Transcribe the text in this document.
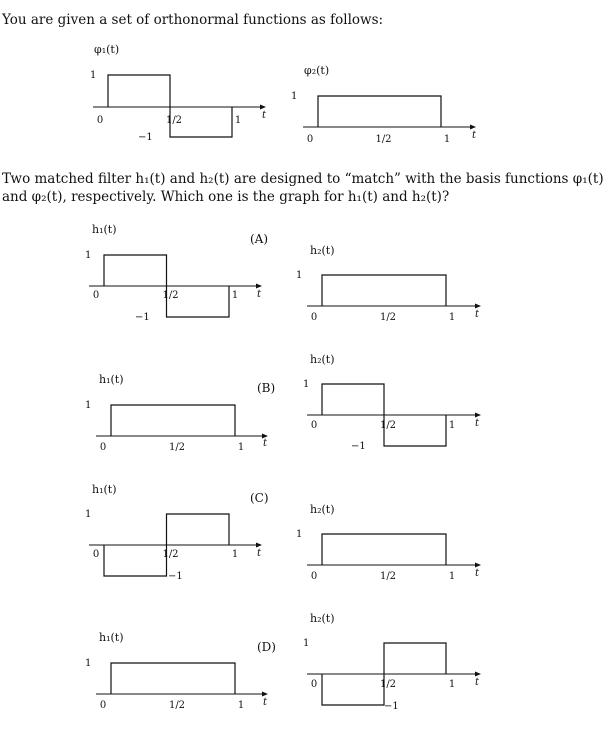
You are given a set of orthonormal functions as follows:
Two matched filter h₁(t) and h₂(t) are designed to “match” with the basis functions φ₁(t)
and φ₂(t), respectively. Which one is the graph for h₁(t) and h₂(t)?
φ₁(t)
0	1/2	1
1
−1
t
φ₂(t)
0	1/2	1
1
t
h₁(t)
0	1/2	1
1
−1
t
(A)
h₂(t)
0	1/2	1
1
t
h₁(t)
0	1/2	1
1
t
(B)
h₂(t)
0	1/2	1
1
−1
t
h₁(t)
0	1/2	1
1
−1
t
(C)
h₂(t)
0	1/2	1
1
t
h₁(t)
0	1/2	1
1
t
(D)
h₂(t)
0	1/2	1
1
−1
t
